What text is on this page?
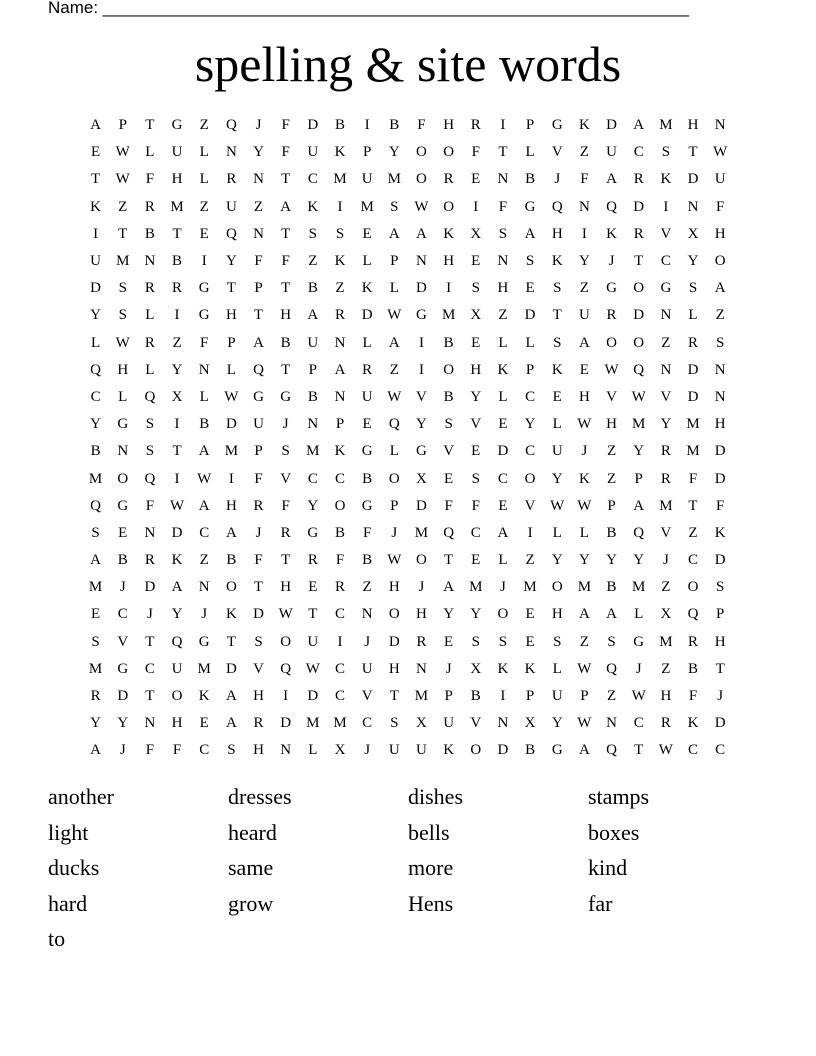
Name: ______________________________________________________________
spelling & site words
A	P	T	G	Z	Q	J	F	D	B	I	B	F	H	R	I	P	G	K	D	A	M	H	N
E	W	L	U	L	N	Y	F	U	K	P	Y	O	O	F	T	L	V	Z	U	C	S	T	W
T	W	F	H	L	R	N	T	C	M	U	M	O	R	E	N	B	J	F	A	R	K	D	U
K	Z	R	M	Z	U	Z	A	K	I	M	S	W O	I	F	G	Q	N	Q	D	I	N	F
I	T	B	T	E	Q	N	T	S	S	E	A	A	K	X	S	A	H	I	K	R	V	X	H
U	M	N	B	I	Y	F	F	Z	K	L	P	N	H	E	N	S	K	Y	J	T	C	Y	O
D	S	R	R	G	T	P	T	B	Z	K	L	D	I	S	H	E	S	Z	G	O	G	S	A
Y	S	L	I	G	H	T	H	A	R	D W G	M	X	Z	D	T	U	R	D	N	L	Z
L	W	R	Z	F	P	A	B	U	N	L	A	I	B	E	L	L	S	A	O	O	Z	R	S
Q	H	L	Y	N	L	Q	T	P	A	R	Z	I	O	H	K	P	K	E	W Q	N	D	N
C	L	Q	X	L	W G	G	B	N	U W V	B	Y	L	C	E	H	V W V	D	N
Y	G	S	I	B	D	U	J	N	P	E	Q	Y	S	V	E	Y	L	W H	M	Y	M	H
B	N	S	T	A	M	P	S	M	K	G	L	G	V	E	D	C	U	J	Z	Y	R	M	D
M	O	Q	I	W	I	F	V	C	C	B	O	X	E	S	C	O	Y	K	Z	P	R	F	D
Q	G	F	W A	H	R	F	Y	O	G	P	D	F	F	E	V W W	P	A	M	T	F
S	E	N	D	C	A	J	R	G	B	F	J	M	Q	C	A	I	L	L	B	Q	V	Z	K
A	B	R	K	Z	B	F	T	R	F	B	W O	T	E	L	Z	Y	Y	Y	Y	J	C	D
M	J	D	A	N	O	T	H	E	R	Z	H	J	A	M	J	M	O	M	B	M	Z	O	S
E	C	J	Y	J	K	D W	T	C	N	O	H	Y	Y	O	E	H	A	A	L	X	Q	P
S	V	T	Q	G	T	S	O	U	I	J	D	R	E	S	S	E	S	Z	S	G	M	R	H
M	G	C	U	M	D	V	Q W	C	U	H	N	J	X	K	K	L	W Q	J	Z	B	T
R	D	T	O	K	A	H	I	D	C	V	T	M	P	B	I	P	U	P	Z	W H	F	J
Y	Y	N	H	E	A	R	D	M M	C	S	X	U	V	N	X	Y W N	C	R	K	D
A	J	F	F	C	S	H	N	L	X	J	U	U	K	O	D	B	G	A	Q	T	W	C	C
another	dresses	dishes	stamps
light	heard	bells	boxes
ducks	same	more	kind
hard	grow	Hens	far
to
